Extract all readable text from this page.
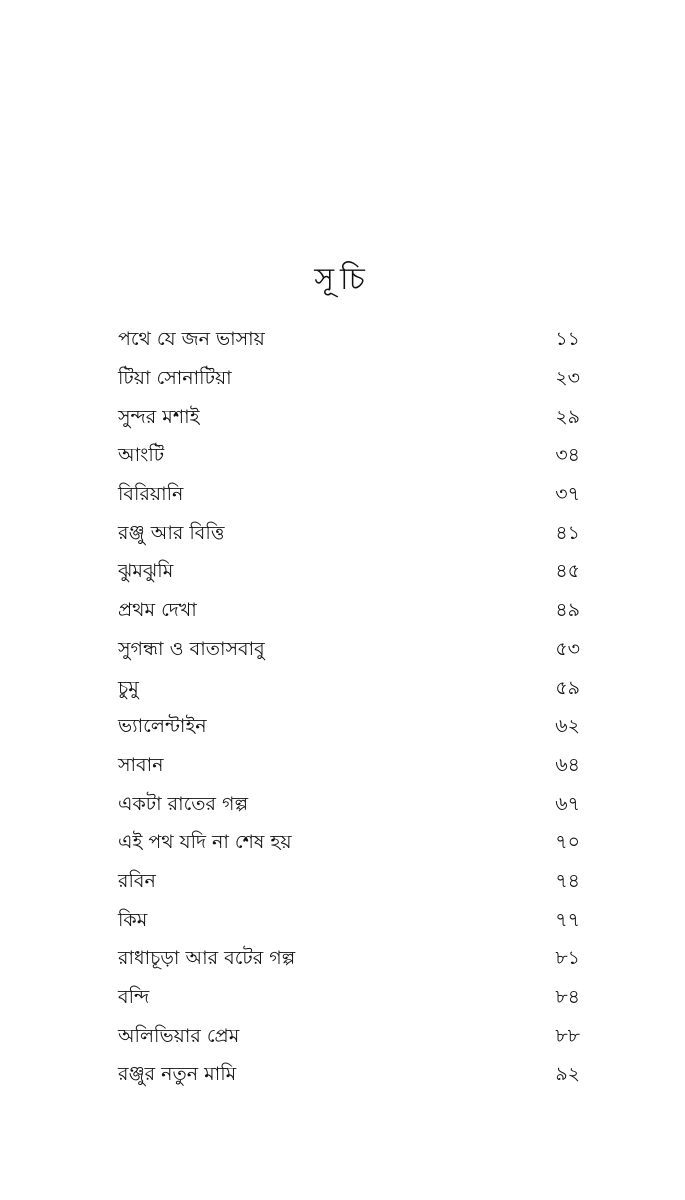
সূচি
পথে যে জন ভাসায়	১১
টিয়া সোনাটিয়া	২৩
সুন্দর মশাই	২৯
আংটি	৩৪
বিরিয়ানি	৩৭
রঞ্জু আর বিত্তি	৪১
ঝুমঝুমি	৪৫
প্রথম দেখা	৪৯
সুগন্ধা ও বাতাসবাবু	৫৩
চুমু	৫৯
ভ্যালেন্টাইন	৬২
সাবান	৬৪
একটা রাতের গল্প	৬৭
এই পথ যদি না শেষ হয়	৭০
রবিন	৭৪
কিম	৭৭
রাধাচূড়া আর বটের গল্প	৮১
বন্দি	৮৪
অলিভিয়ার প্রেম	৮৮
রঞ্জুর নতুন মামি	৯২
